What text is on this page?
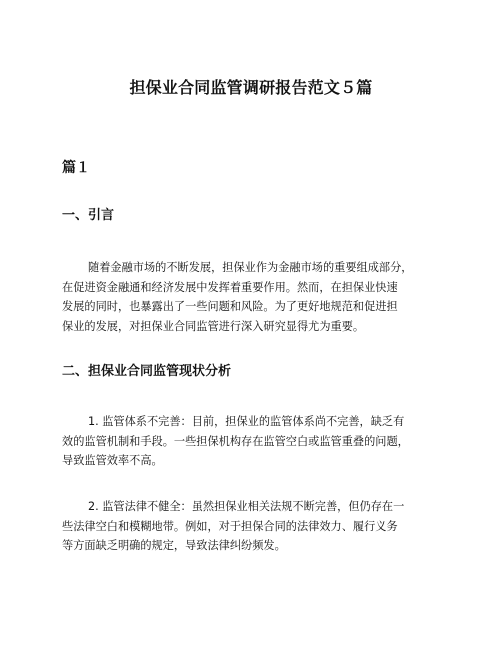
担保业合同监管调研报告范文５篇
篇１
一、引言
随着金融市场的不断发展，担保业作为金融市场的重要组成部分，
在促进资金融通和经济发展中发挥着重要作用。然而，在担保业快速
发展的同时，也暴露出了一些问题和风险。为了更好地规范和促进担
保业的发展，对担保业合同监管进行深入研究显得尤为重要。
二、担保业合同监管现状分析
1. 监管体系不完善：目前，担保业的监管体系尚不完善，缺乏有
效的监管机制和手段。一些担保机构存在监管空白或监管重叠的问题，
导致监管效率不高。
2. 监管法律不健全：虽然担保业相关法规不断完善，但仍存在一
些法律空白和模糊地带。例如，对于担保合同的法律效力、履行义务
等方面缺乏明确的规定，导致法律纠纷频发。
